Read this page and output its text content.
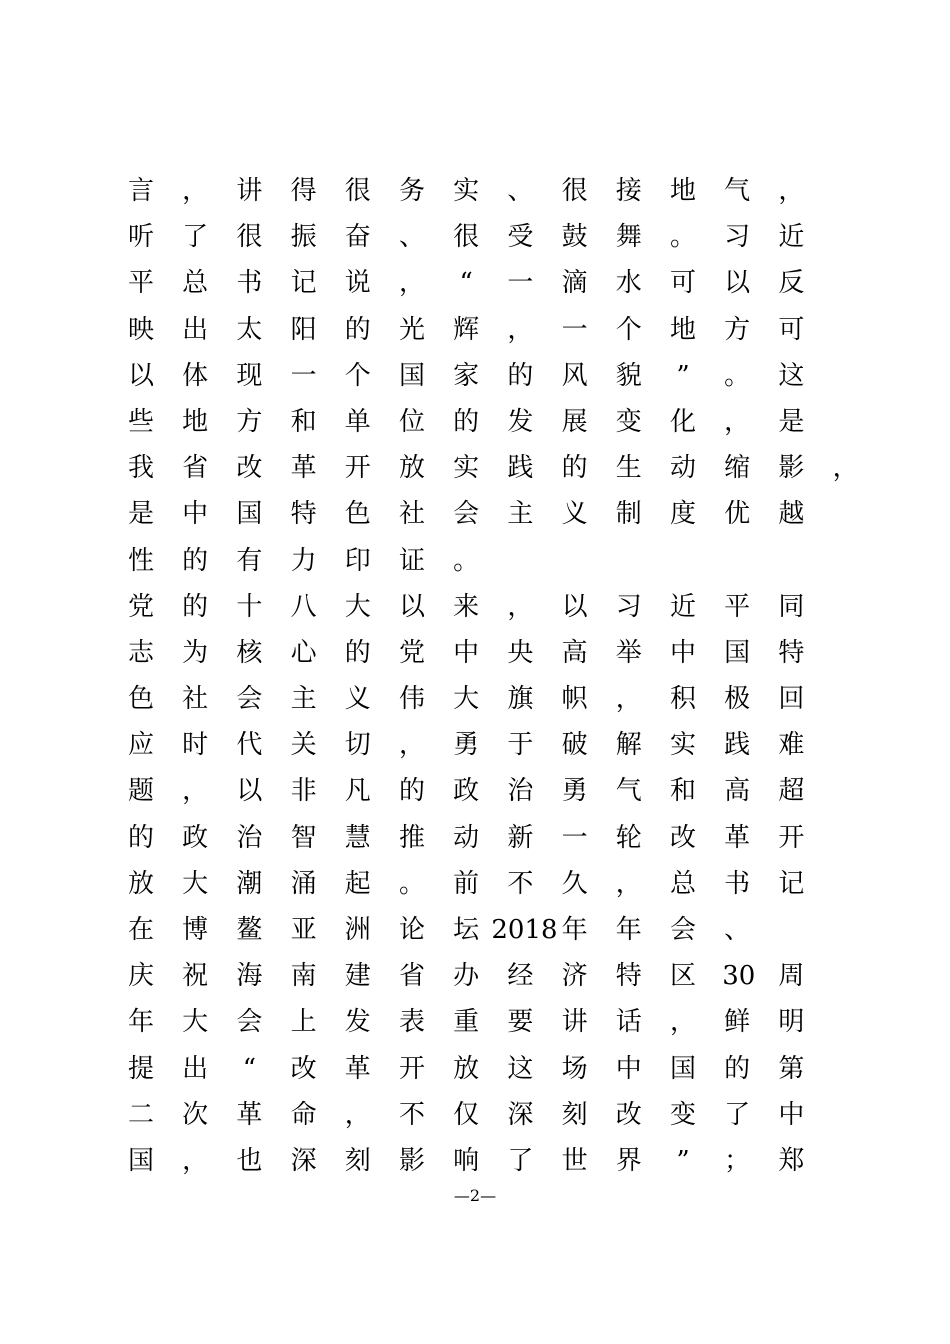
言 ， 讲 得 很 务 实 、 很 接 地 气 ，
听 了 很 振 奋 、 很 受 鼓 舞 。 习 近
平 总 书 记 说 ，	“	一 滴 水 可 以 反
映 出 太 阳 的 光 辉 ， 一 个 地 方 可
以 体 现 一 个 国 家 的 风 貌	”	。 这
些 地 方 和 单 位 的 发 展 变 化 ， 是
我 省 改 革 开 放 实 践 的 生 动 缩 影 ，
是 中 国 特 色 社 会 主 义 制 度 优 越
性 的 有 力 印 证 。
党 的 十 八 大 以 来 ， 以 习 近 平 同
志 为 核 心 的 党 中 央 高 举 中 国 特
色 社 会 主 义 伟 大 旗 帜 ， 积 极 回
应 时 代 关 切 ， 勇 于 破 解 实 践 难
题 ， 以 非 凡 的 政 治 勇 气 和 高 超
的 政 治 智 慧 推 动 新 一 轮 改 革 开
放 大 潮 涌 起 。 前 不 久 ， 总 书 记
在 博 鳌 亚 洲 论 坛 2018 年 年 会 、
庆 祝 海 南 建 省 办 经 济 特 区 30 周
年 大 会 上 发 表 重 要 讲 话 ， 鲜 明
提 出	“	改 革 开 放 这 场 中 国 的 第
二 次 革 命 ， 不 仅 深 刻 改 变 了 中
国 ， 也 深 刻 影 响 了 世 界	”	； 郑
—2—
